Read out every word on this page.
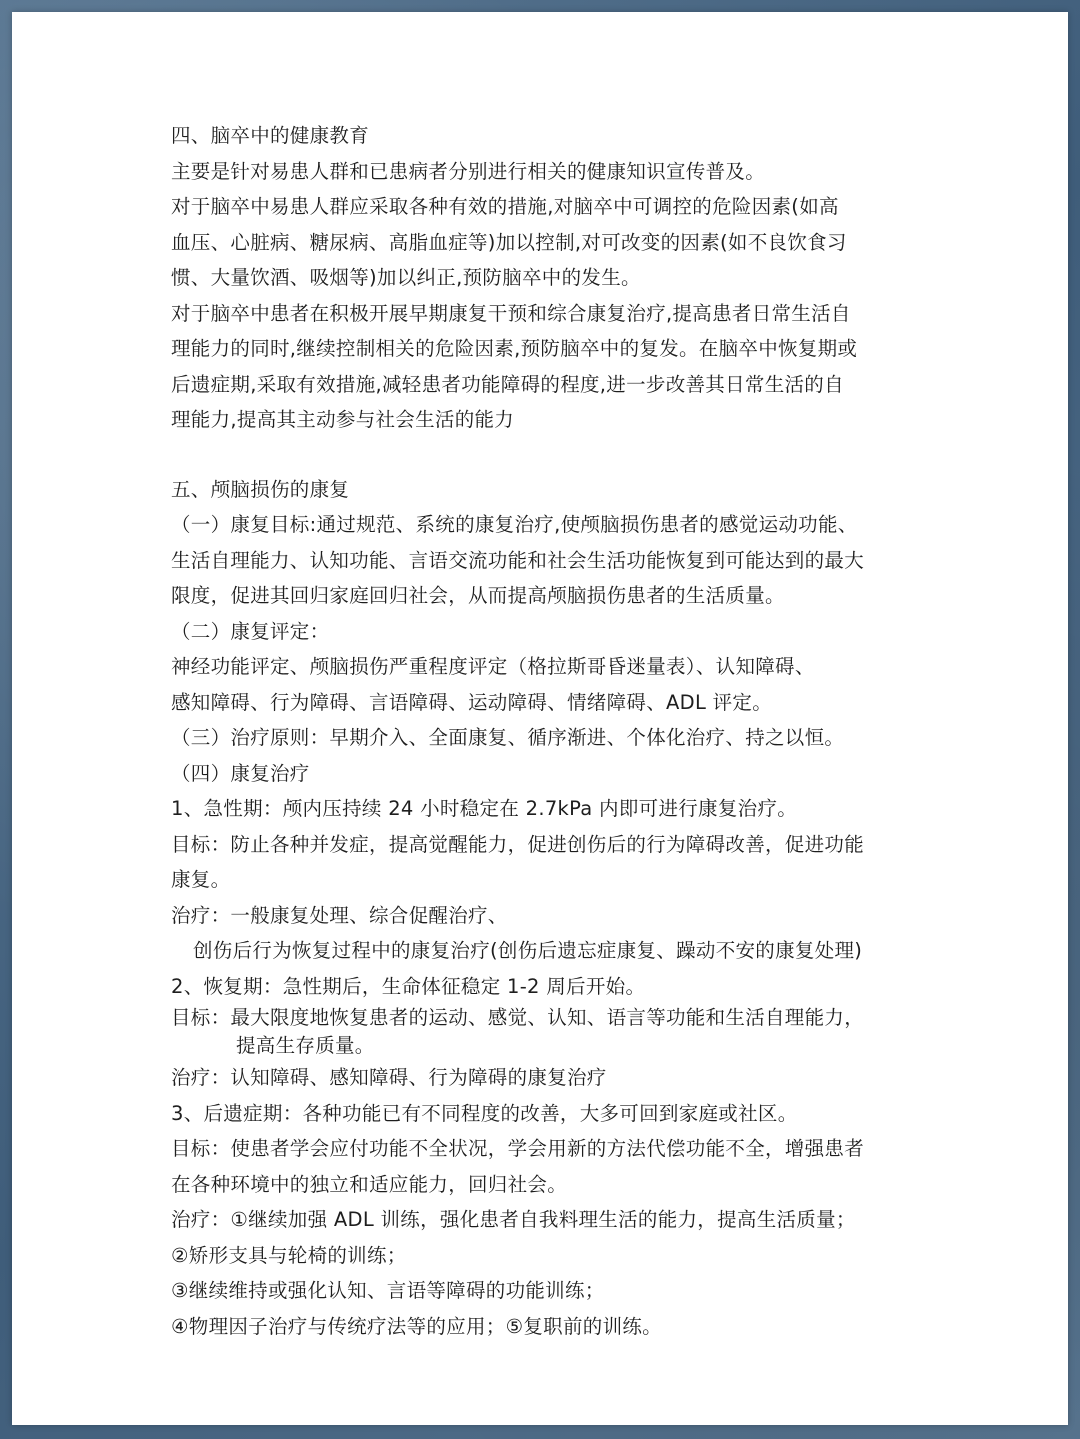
四、脑卒中的健康教育
主要是针对易患人群和已患病者分别进行相关的健康知识宣传普及。
对于脑卒中易患人群应采取各种有效的措施,对脑卒中可调控的危险因素(如高
血压、心脏病、糖尿病、高脂血症等)加以控制,对可改变的因素(如不良饮食习
惯、大量饮酒、吸烟等)加以纠正,预防脑卒中的发生。
对于脑卒中患者在积极开展早期康复干预和综合康复治疗,提高患者日常生活自
理能力的同时,继续控制相关的危险因素,预防脑卒中的复发。在脑卒中恢复期或
后遗症期,采取有效措施,减轻患者功能障碍的程度,进一步改善其日常生活的自
理能力,提高其主动参与社会生活的能力
五、颅脑损伤的康复
（一）康复目标:通过规范、系统的康复治疗,使颅脑损伤患者的感觉运动功能、
生活自理能力、认知功能、言语交流功能和社会生活功能恢复到可能达到的最大
限度，促进其回归家庭回归社会，从而提高颅脑损伤患者的生活质量。
（二）康复评定：
神经功能评定、颅脑损伤严重程度评定（格拉斯哥昏迷量表）、认知障碍、
感知障碍、行为障碍、言语障碍、运动障碍、情绪障碍、ADL 评定。
（三）治疗原则：早期介入、全面康复、循序渐进、个体化治疗、持之以恒。
（四）康复治疗
1、急性期：颅内压持续 24 小时稳定在 2.7kPa 内即可进行康复治疗。
目标：防止各种并发症，提高觉醒能力，促进创伤后的行为障碍改善，促进功能
康复。
治疗：一般康复处理、综合促醒治疗、
创伤后行为恢复过程中的康复治疗(创伤后遗忘症康复、躁动不安的康复处理)
2、恢复期：急性期后，生命体征稳定 1-2 周后开始。
目标：最大限度地恢复患者的运动、感觉、认知、语言等功能和生活自理能力，
提高生存质量。
治疗：认知障碍、感知障碍、行为障碍的康复治疗
3、后遗症期：各种功能已有不同程度的改善，大多可回到家庭或社区。
目标：使患者学会应付功能不全状况，学会用新的方法代偿功能不全，增强患者
在各种环境中的独立和适应能力，回归社会。
治疗：①继续加强 ADL 训练，强化患者自我料理生活的能力，提高生活质量；
②矫形支具与轮椅的训练；
③继续维持或强化认知、言语等障碍的功能训练；
④物理因子治疗与传统疗法等的应用；⑤复职前的训练。
